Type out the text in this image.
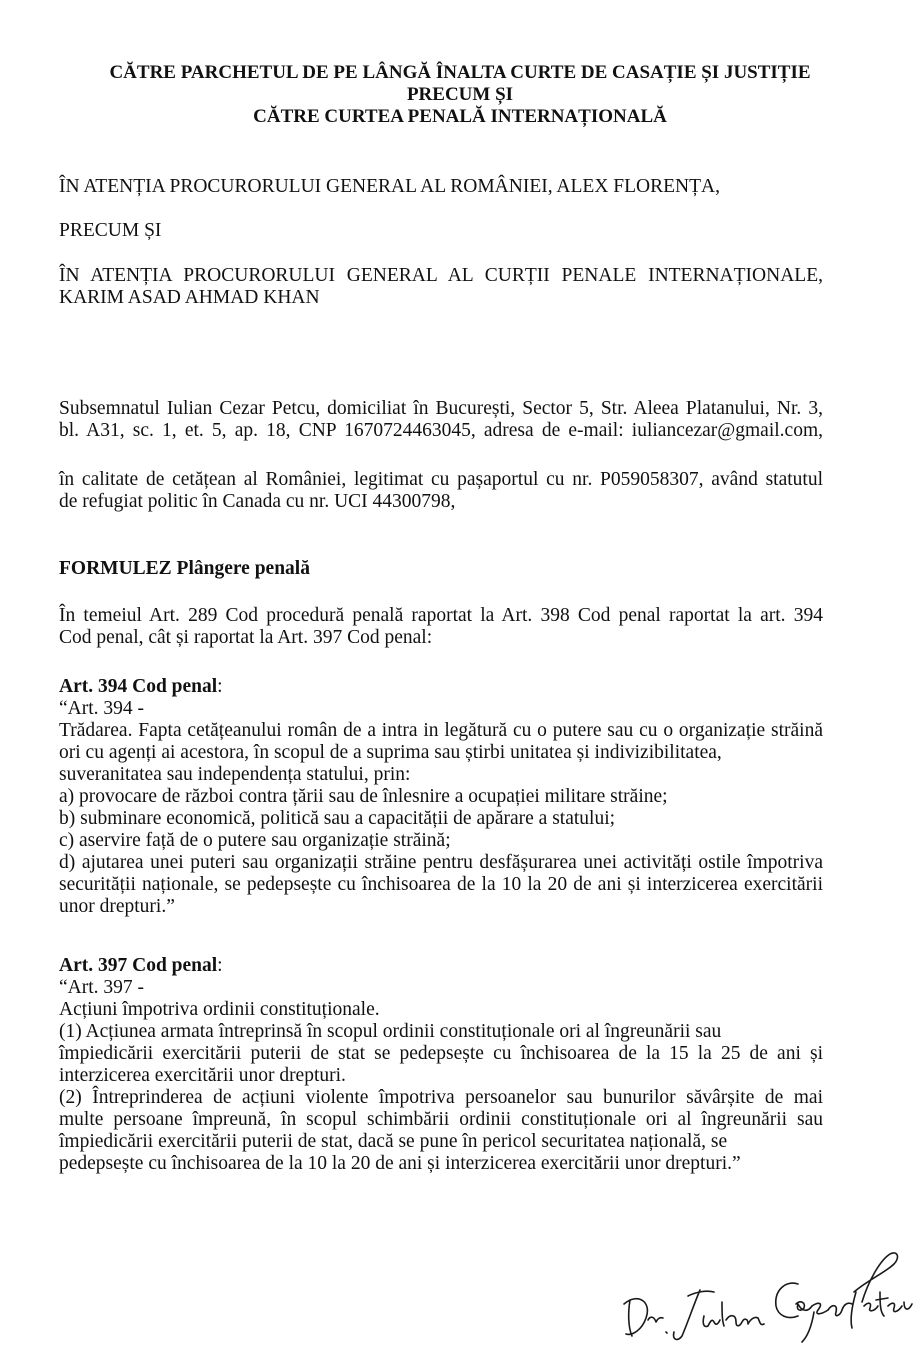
CĂTRE PARCHETUL DE PE LÂNGĂ ÎNALTA CURTE DE CASAȚIE ȘI JUSTIȚIE
PRECUM ȘI
CĂTRE CURTEA PENALĂ INTERNAȚIONALĂ

ÎN ATENȚIA PROCURORULUI GENERAL AL ROMÂNIEI, ALEX FLORENȚA,

PRECUM ȘI

ÎN ATENȚIA PROCURORULUI GENERAL AL CURȚII PENALE INTERNAȚIONALE,
KARIM ASAD AHMAD KHAN
Subsemnatul Iulian Cezar Petcu, domiciliat în București, Sector 5, Str. Aleea Platanului, Nr. 3,
bl. A31, sc. 1, et. 5, ap. 18, CNP 1670724463045, adresa de e-mail: iuliancezar@gmail.com,
în calitate de cetățean al României, legitimat cu pașaportul cu nr. P059058307, având statutul
de refugiat politic în Canada cu nr. UCI 44300798,

FORMULEZ Plângere penală

În temeiul Art. 289 Cod procedură penală raportat la Art. 398 Cod penal raportat la art. 394
Cod penal, cât și raportat la Art. 397 Cod penal:
Art. 394 Cod penal:
“Art. 394 -
Trădarea. Fapta cetățeanului român de a intra in legătură cu o putere sau cu o organizație străină
ori cu agenți ai acestora, în scopul de a suprima sau știrbi unitatea și indivizibilitatea,
suveranitatea sau independența statului, prin:
a) provocare de război contra țării sau de înlesnire a ocupației militare străine;
b) subminare economică, politică sau a capacității de apărare a statului;
c) aservire față de o putere sau organizație străină;
d) ajutarea unei puteri sau organizații străine pentru desfășurarea unei activități ostile împotriva
securității naționale, se pedepsește cu închisoarea de la 10 la 20 de ani și interzicerea exercitării
unor drepturi.”
Art. 397 Cod penal:
“Art. 397 -
Acțiuni împotriva ordinii constituționale.
(1) Acțiunea armata întreprinsă în scopul ordinii constituționale ori al îngreunării sau
împiedicării exercitării puterii de stat se pedepsește cu închisoarea de la 15 la 25 de ani și
interzicerea exercitării unor drepturi.
(2) Întreprinderea de acțiuni violente împotriva persoanelor sau bunurilor săvârșite de mai
multe persoane împreună, în scopul schimbării ordinii constituționale ori al îngreunării sau
împiedicării exercitării puterii de stat, dacă se pune în pericol securitatea națională, se
pedepsește cu închisoarea de la 10 la 20 de ani și interzicerea exercitării unor drepturi.”
